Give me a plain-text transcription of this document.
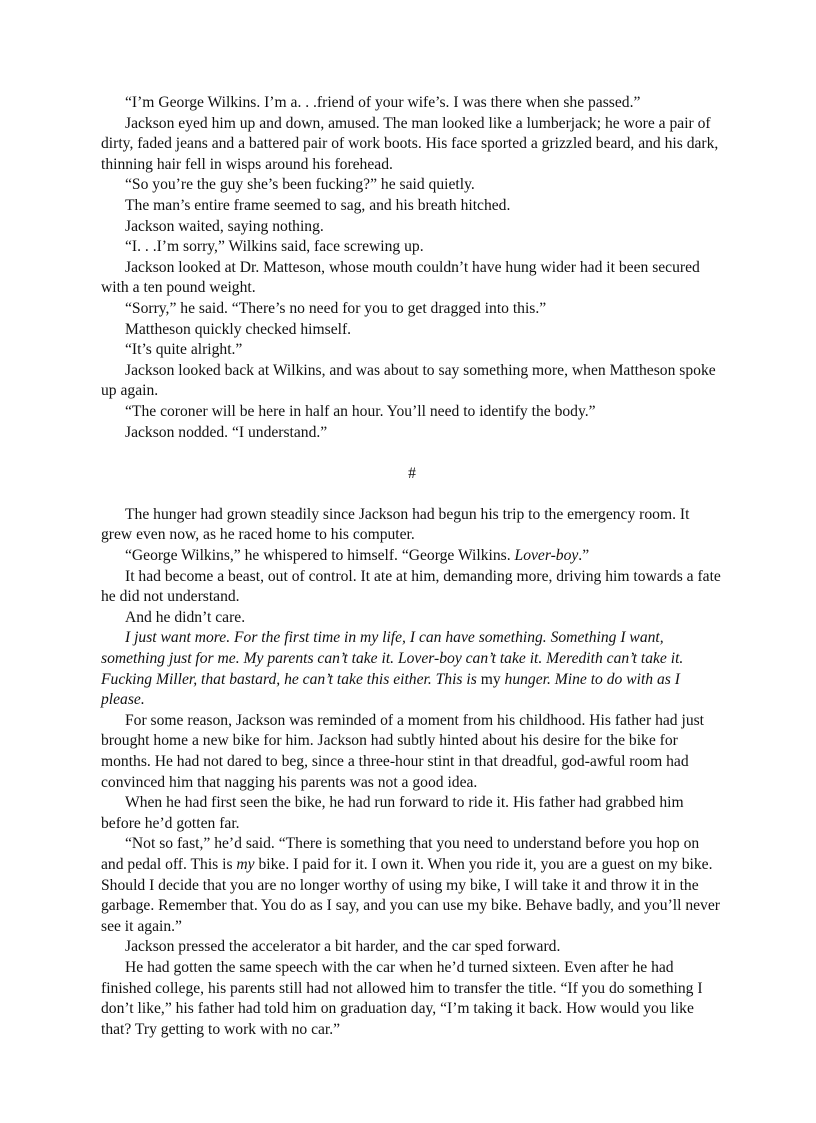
“I’m George Wilkins. I’m a. . .friend of your wife’s. I was there when she passed.”

Jackson eyed him up and down, amused. The man looked like a lumberjack; he wore a pair of dirty, faded jeans and a battered pair of work boots. His face sported a grizzled beard, and his dark, thinning hair fell in wisps around his forehead.

“So you’re the guy she’s been fucking?” he said quietly.

The man’s entire frame seemed to sag, and his breath hitched.

Jackson waited, saying nothing.

“I. . .I’m sorry,” Wilkins said, face screwing up.

Jackson looked at Dr. Matteson, whose mouth couldn’t have hung wider had it been secured with a ten pound weight.

“Sorry,” he said. “There’s no need for you to get dragged into this.”

Mattheson quickly checked himself.

“It’s quite alright.”

Jackson looked back at Wilkins, and was about to say something more, when Mattheson spoke up again.

“The coroner will be here in half an hour. You’ll need to identify the body.”

Jackson nodded. “I understand.”

#

The hunger had grown steadily since Jackson had begun his trip to the emergency room. It grew even now, as he raced home to his computer.

“George Wilkins,” he whispered to himself. “George Wilkins. Lover-boy.”

It had become a beast, out of control. It ate at him, demanding more, driving him towards a fate he did not understand.

And he didn’t care.

I just want more. For the first time in my life, I can have something. Something I want, something just for me. My parents can’t take it. Lover-boy can’t take it. Meredith can’t take it. Fucking Miller, that bastard, he can’t take this either. This is my hunger. Mine to do with as I please.

For some reason, Jackson was reminded of a moment from his childhood. His father had just brought home a new bike for him. Jackson had subtly hinted about his desire for the bike for months. He had not dared to beg, since a three-hour stint in that dreadful, god-awful room had convinced him that nagging his parents was not a good idea.

When he had first seen the bike, he had run forward to ride it. His father had grabbed him before he’d gotten far.

“Not so fast,” he’d said. “There is something that you need to understand before you hop on and pedal off. This is my bike. I paid for it. I own it. When you ride it, you are a guest on my bike. Should I decide that you are no longer worthy of using my bike, I will take it and throw it in the garbage. Remember that. You do as I say, and you can use my bike. Behave badly, and you’ll never see it again.”

Jackson pressed the accelerator a bit harder, and the car sped forward.

He had gotten the same speech with the car when he’d turned sixteen. Even after he had finished college, his parents still had not allowed him to transfer the title. “If you do something I don’t like,” his father had told him on graduation day, “I’m taking it back. How would you like that? Try getting to work with no car.”
